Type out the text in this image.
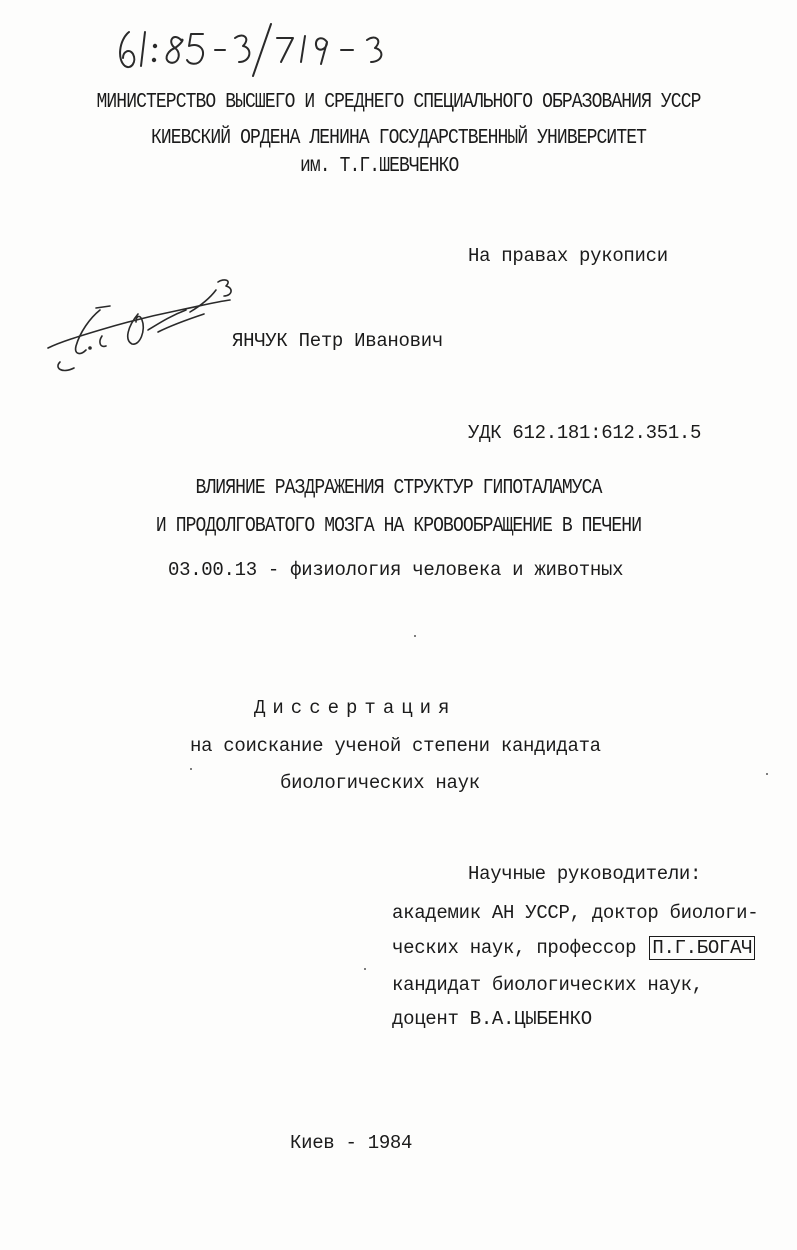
МИНИСТЕРСТВО ВЫСШЕГО И СРЕДНЕГО СПЕЦИАЛЬНОГО ОБРАЗОВАНИЯ УССР
КИЕВСКИЙ ОРДЕНА ЛЕНИНА ГОСУДАРСТВЕННЫЙ УНИВЕРСИТЕТ
им. Т.Г.ШЕВЧЕНКО
На правах рукописи
ЯНЧУК Петр Иванович
УДК 612.181:612.351.5
ВЛИЯНИЕ РАЗДРАЖЕНИЯ СТРУКТУР ГИПОТАЛАМУСА
И ПРОДОЛГОВАТОГО МОЗГА НА КРОВООБРАЩЕНИЕ В ПЕЧЕНИ
03.00.13 - физиология человека и животных
Диссертация
на соискание ученой степени кандидата
биологических наук
Научные руководители:
академик АН УССР, доктор биологи-
ческих наук, профессор П.Г.БОГАЧ
кандидат биологических наук,
доцент В.А.ЦЫБЕНКО
Киев - 1984
